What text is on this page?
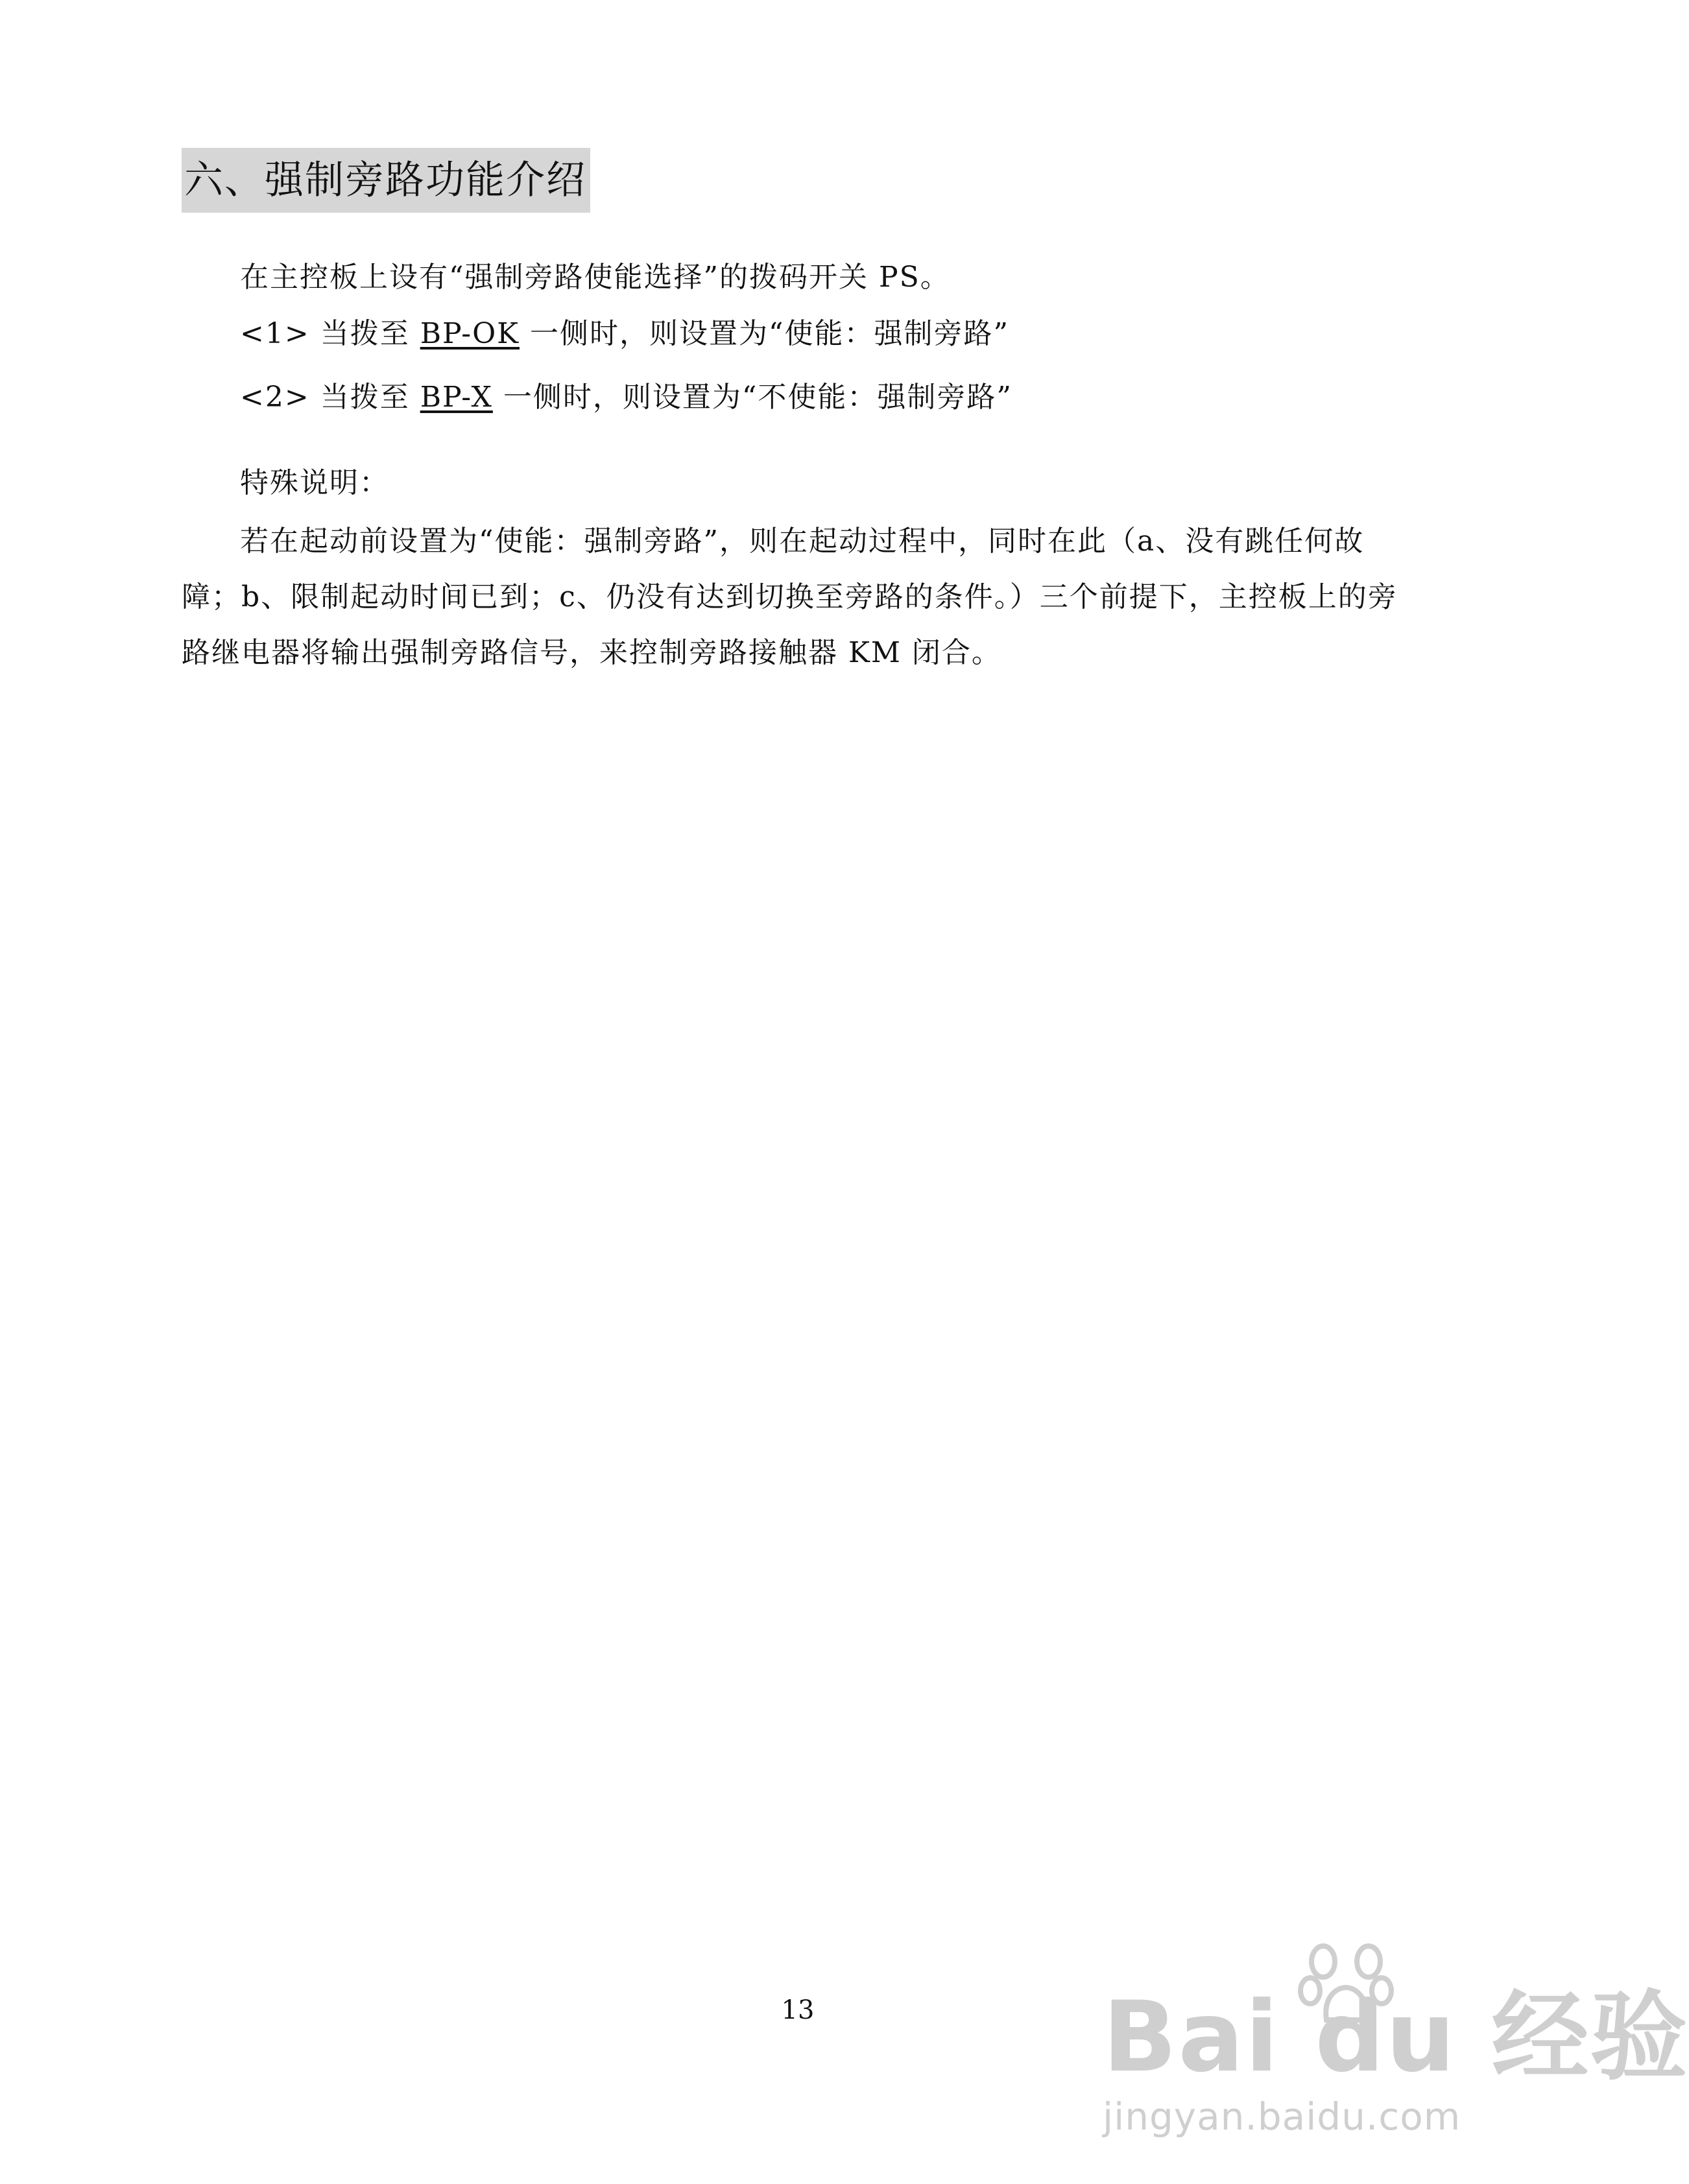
六、强制旁路功能介绍
在主控板上设有“强制旁路使能选择”的拨码开关 PS。
<1> 当拨至 BP-OK 一侧时，则设置为“使能：强制旁路”
<2> 当拨至 BP-X 一侧时，则设置为“不使能：强制旁路”
特殊说明：
若在起动前设置为“使能：强制旁路”，则在起动过程中，同时在此（a、没有跳任何故
障；b、限制起动时间已到；c、仍没有达到切换至旁路的条件。）三个前提下，主控板上的旁
路继电器将输出强制旁路信号，来控制旁路接触器 KM 闭合。
13	Bai du 经验
jingyan.baidu.com
